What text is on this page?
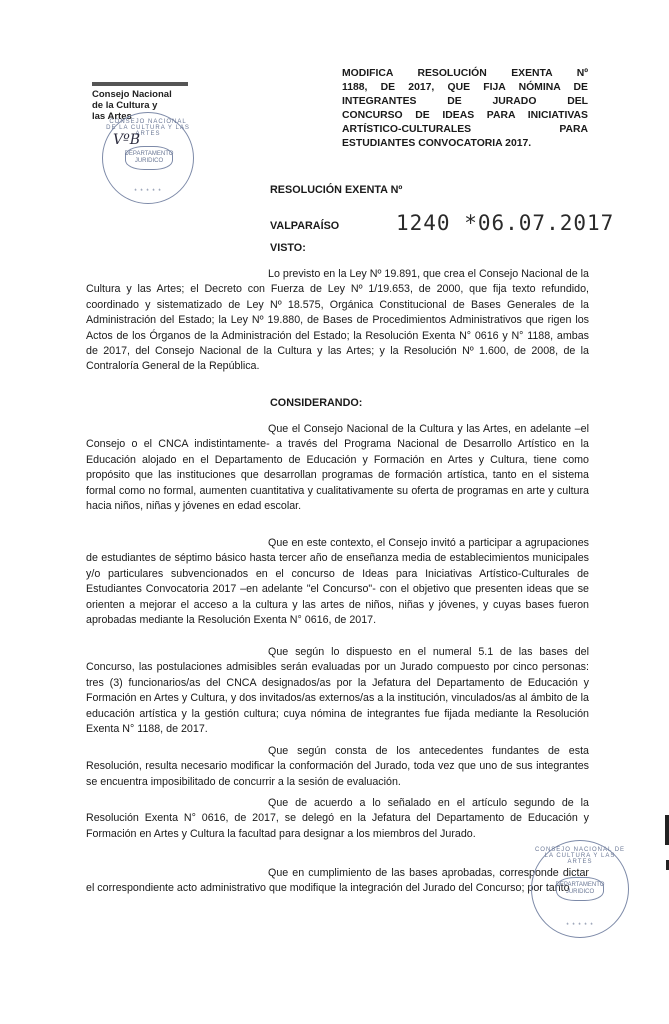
Consejo Nacional
de la Cultura y
las Artes
CONSEJO NACIONAL DE LA CULTURA Y LAS ARTES
DEPARTAMENTO
JURIDICO
* * * * *
VºB
MODIFICA RESOLUCIÓN EXENTA Nº
1188, DE 2017, QUE FIJA NÓMINA DE
INTEGRANTES DE JURADO DEL
CONCURSO DE IDEAS PARA INICIATIVAS
ARTÍSTICO-CULTURALES PARA
ESTUDIANTES CONVOCATORIA 2017.
RESOLUCIÓN EXENTA Nº
VALPARAÍSO	1240 *06.07.2017
VISTO:
Lo previsto en la Ley Nº 19.891, que crea el Consejo Nacional de la Cultura y las Artes; el Decreto con Fuerza de Ley Nº 1/19.653, de 2000, que fija texto refundido, coordinado y sistematizado de Ley Nº 18.575, Orgánica Constitucional de Bases Generales de la Administración del Estado; la Ley Nº 19.880, de Bases de Procedimientos Administrativos que rigen los Actos de los Órganos de la Administración del Estado; la Resolución Exenta N° 0616 y N° 1188, ambas de 2017, del Consejo Nacional de la Cultura y las Artes; y la Resolución Nº 1.600, de 2008, de la Contraloría General de la República.
CONSIDERANDO:
Que el Consejo Nacional de la Cultura y las Artes, en adelante –el Consejo o el CNCA indistintamente- a través del Programa Nacional de Desarrollo Artístico en la Educación alojado en el Departamento de Educación y Formación en Artes y Cultura, tiene como propósito que las instituciones que desarrollan programas de formación artística, tanto en el sistema formal como no formal, aumenten cuantitativa y cualitativamente su oferta de programas en arte y cultura hacia niños, niñas y jóvenes en edad escolar.
Que en este contexto, el Consejo invitó a participar a agrupaciones de estudiantes de séptimo básico hasta tercer año de enseñanza media de establecimientos municipales y/o particulares subvencionados en el concurso de Ideas para Iniciativas Artístico-Culturales de Estudiantes Convocatoria 2017 –en adelante "el Concurso"- con el objetivo que presenten ideas que se orienten a mejorar el acceso a la cultura y las artes de niños, niñas y jóvenes, y cuyas bases fueron aprobadas mediante la Resolución Exenta N° 0616, de 2017.
Que según lo dispuesto en el numeral 5.1 de las bases del Concurso, las postulaciones admisibles serán evaluadas por un Jurado compuesto por cinco personas: tres (3) funcionarios/as del CNCA designados/as por la Jefatura del Departamento de Educación y Formación en Artes y Cultura, y dos invitados/as externos/as a la institución, vinculados/as al ámbito de la educación artística y la gestión cultura; cuya nómina de integrantes fue fijada mediante la Resolución Exenta N° 1188, de 2017.
Que según consta de los antecedentes fundantes de esta Resolución, resulta necesario modificar la conformación del Jurado, toda vez que uno de sus integrantes se encuentra imposibilitado de concurrir a la sesión de evaluación.
Que de acuerdo a lo señalado en el artículo segundo de la Resolución Exenta N° 0616, de 2017, se delegó en la Jefatura del Departamento de Educación y Formación en Artes y Cultura la facultad para designar a los miembros del Jurado.
Que en cumplimiento de las bases aprobadas, corresponde dictar el correspondiente acto administrativo que modifique la integración del Jurado del Concurso; por tanto
CONSEJO NACIONAL DE LA CULTURA Y LAS ARTES
DEPARTAMENTO
JURIDICO
* * * * *
